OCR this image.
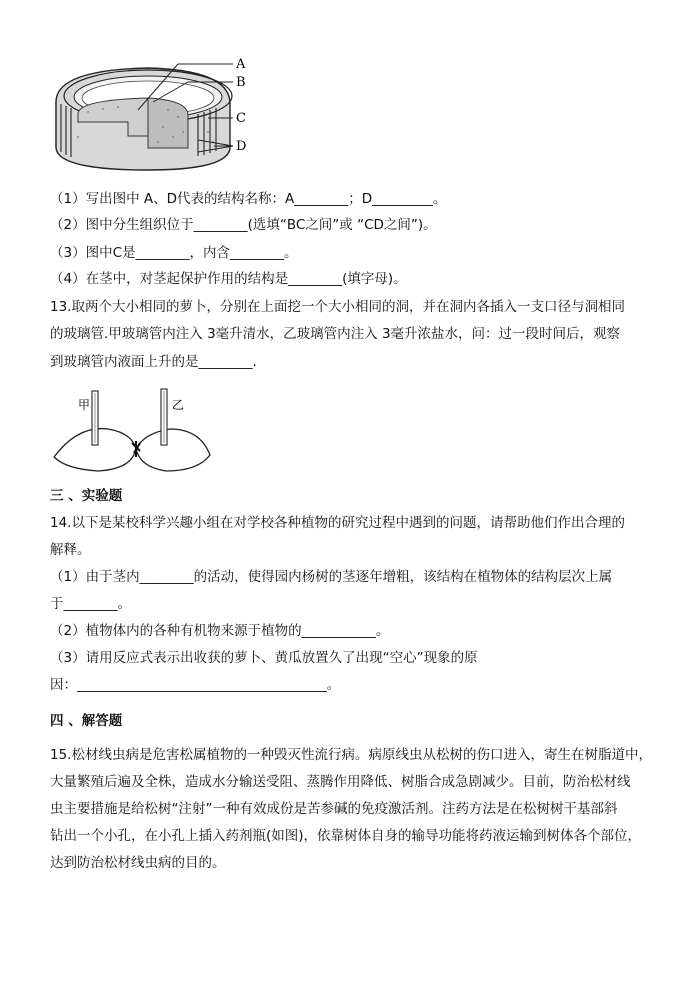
A
B
C
D
（1）写出图中 A、D代表的结构名称：A________；D_________。
（2）图中分生组织位于________(选填“BC之间”或 “CD之间”)。
（3）图中C是________，内含________。
（4）在茎中，对茎起保护作用的结构是________(填字母)。
13.取两个大小相同的萝卜，分别在上面挖一个大小相同的洞，并在洞内各插入一支口径与洞相同
的玻璃管.甲玻璃管内注入 3毫升清水，乙玻璃管内注入 3毫升浓盐水，问：过一段时间后，观察
到玻璃管内液面上升的是________.
甲	乙
三 、实验题
14.以下是某校科学兴趣小组在对学校各种植物的研究过程中遇到的问题，请帮助他们作出合理的
解释。
（1）由于茎内________的活动，使得园内杨树的茎逐年增粗，该结构在植物体的结构层次上属
于________。
（2）植物体内的各种有机物来源于植物的___________。
（3）请用反应式表示出收获的萝卜、黄瓜放置久了出现“空心”现象的原
因：_____________________________________。
四 、解答题
15.松材线虫病是危害松属植物的一种毁灭性流行病。病原线虫从松树的伤口进入，寄生在树脂道中，
大量繁殖后遍及全株，造成水分输送受阻、蒸腾作用降低、树脂合成急剧减少。目前，防治松材线
虫主要措施是给松树“注射”一种有效成份是苦参碱的免疫激活剂。注药方法是在松树树干基部斜
钻出一个小孔，在小孔上插入药剂瓶(如图)，依靠树体自身的输导功能将药液运输到树体各个部位，
达到防治松材线虫病的目的。
